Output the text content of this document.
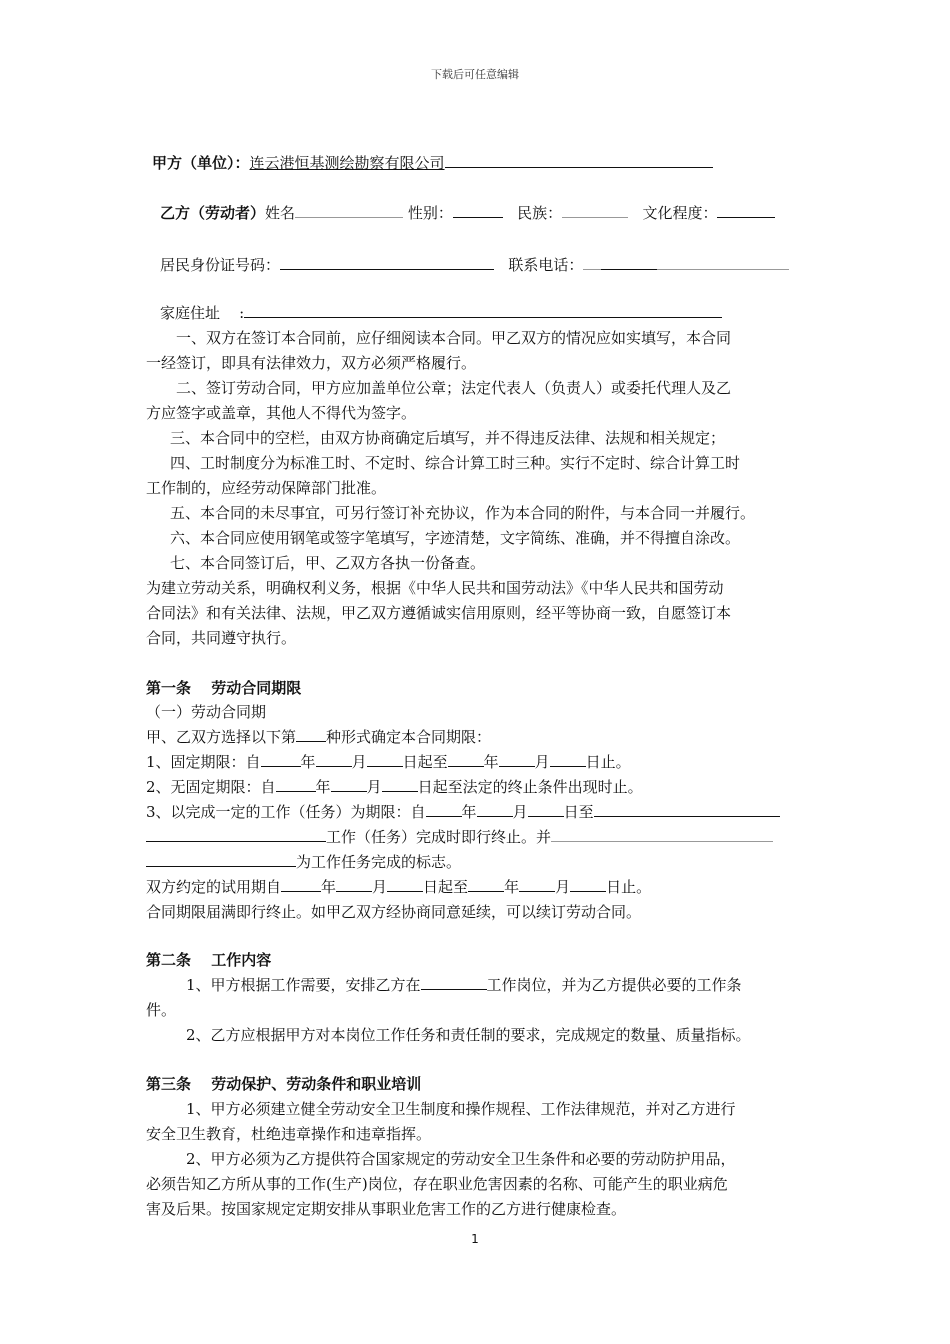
下载后可任意编辑
甲方（单位）：连云港恒基测绘勘察有限公司
乙方（劳动者）姓名	性别：	民族：	文化程度：
居民身份证号码：	联系电话：
家庭住址 :
一、双方在签订本合同前，应仔细阅读本合同。甲乙双方的情况应如实填写，本合同
一经签订，即具有法律效力，双方必须严格履行。
二、签订劳动合同，甲方应加盖单位公章；法定代表人（负责人）或委托代理人及乙
方应签字或盖章，其他人不得代为签字。
三、本合同中的空栏，由双方协商确定后填写，并不得违反法律、法规和相关规定；
四、工时制度分为标准工时、不定时、综合计算工时三种。实行不定时、综合计算工时
工作制的，应经劳动保障部门批准。
五、本合同的未尽事宜，可另行签订补充协议，作为本合同的附件，与本合同一并履行。
六、本合同应使用钢笔或签字笔填写，字迹清楚，文字简练、准确，并不得擅自涂改。
七、本合同签订后，甲、乙双方各执一份备查。
为建立劳动关系，明确权利义务，根据《中华人民共和国劳动法》《中华人民共和国劳动
合同法》和有关法律、法规，甲乙双方遵循诚实信用原则，经平等协商一致，自愿签订本
合同，共同遵守执行。
第一条　 劳动合同期限
（一）劳动合同期
甲、乙双方选择以下第 种形式确定本合同期限：
1、固定期限：自	年 月 日起至 年 月 日止。
2、无固定期限：自	年 月 日起至法定的终止条件出现时止。
3、以完成一定的工作（任务）为期限：自 年 月 日至
工作（任务）完成时即行终止。并
为工作任务完成的标志。
双方约定的试用期自	年 月 日起至 年 月 日止。
合同期限届满即行终止。如甲乙双方经协商同意延续，可以续订劳动合同。
第二条　 工作内容
1、甲方根据工作需要，安排乙方在	工作岗位，并为乙方提供必要的工作条
件。
2、乙方应根据甲方对本岗位工作任务和责任制的要求，完成规定的数量、质量指标。
第三条　 劳动保护、劳动条件和职业培训
1、甲方必须建立健全劳动安全卫生制度和操作规程、工作法律规范，并对乙方进行
安全卫生教育，杜绝违章操作和违章指挥。
2、甲方必须为乙方提供符合国家规定的劳动安全卫生条件和必要的劳动防护用品，
必须告知乙方所从事的工作(生产)岗位，存在职业危害因素的名称、可能产生的职业病危
害及后果。按国家规定定期安排从事职业危害工作的乙方进行健康检查。
1
